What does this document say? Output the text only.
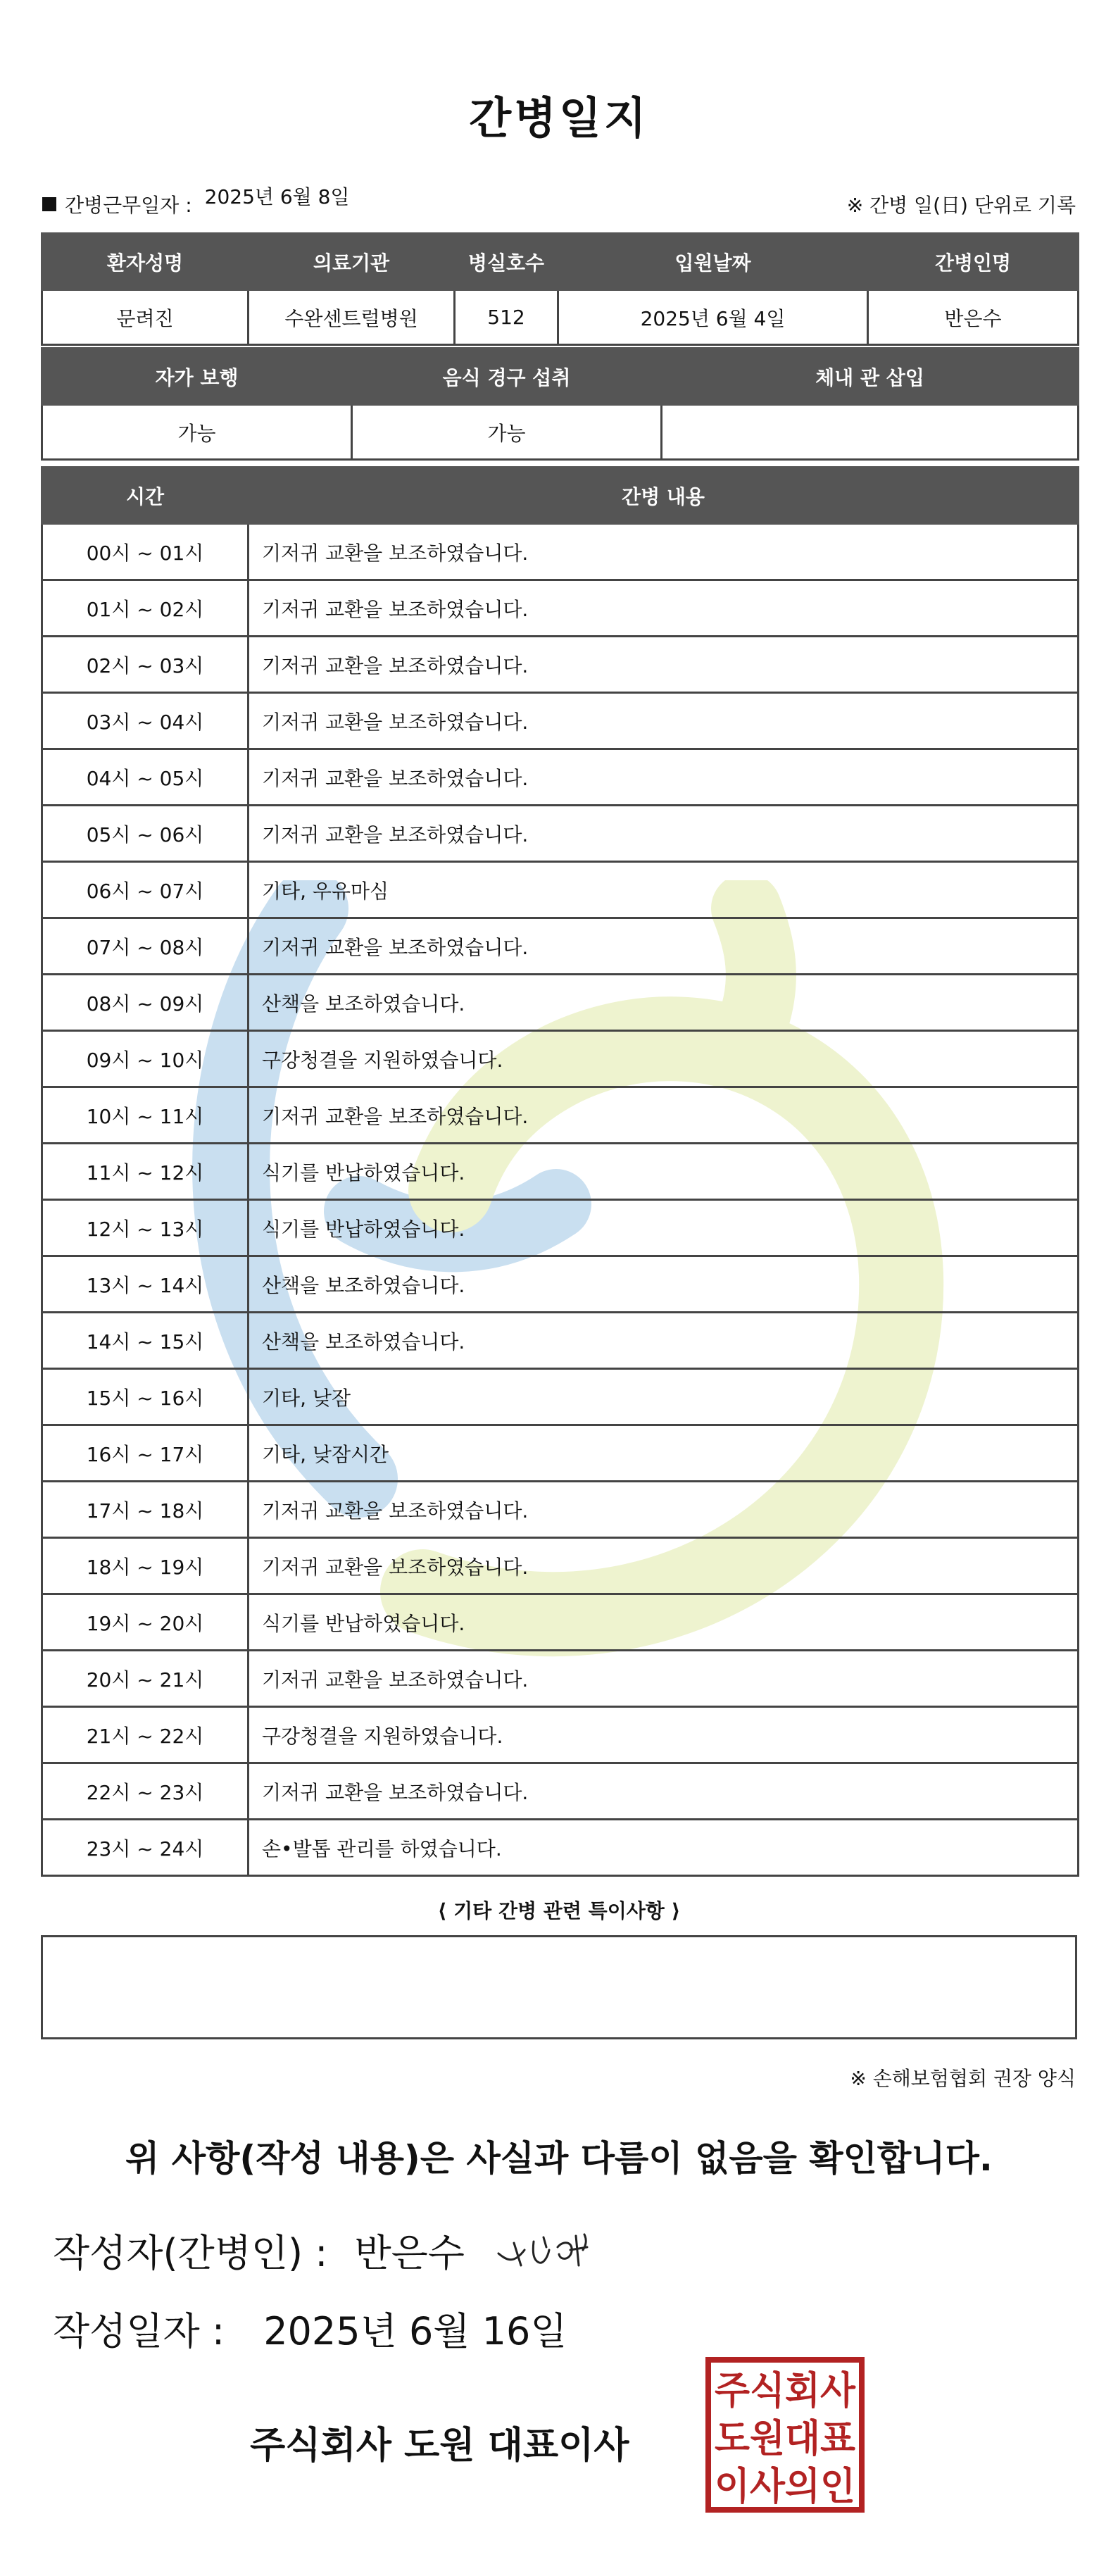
간병일지
간병근무일자 : 2025년 6월 8일	※ 간병 일(日) 단위로 기록
환자성명	의료기관	병실호수	입원날짜	간병인명
문려진	수완센트럴병원	512	2025년 6월 4일	반은수
자가 보행	음식 경구 섭취	체내 관 삽입
가능	가능	
시간	간병 내용
00시 ~ 01시	기저귀 교환을 보조하였습니다.
01시 ~ 02시	기저귀 교환을 보조하였습니다.
02시 ~ 03시	기저귀 교환을 보조하였습니다.
03시 ~ 04시	기저귀 교환을 보조하였습니다.
04시 ~ 05시	기저귀 교환을 보조하였습니다.
05시 ~ 06시	기저귀 교환을 보조하였습니다.
06시 ~ 07시	기타, 우유마심
07시 ~ 08시	기저귀 교환을 보조하였습니다.
08시 ~ 09시	산책을 보조하였습니다.
09시 ~ 10시	구강청결을 지원하였습니다.
10시 ~ 11시	기저귀 교환을 보조하였습니다.
11시 ~ 12시	식기를 반납하였습니다.
12시 ~ 13시	식기를 반납하였습니다.
13시 ~ 14시	산책을 보조하였습니다.
14시 ~ 15시	산책을 보조하였습니다.
15시 ~ 16시	기타, 낮잠
16시 ~ 17시	기타, 낮잠시간
17시 ~ 18시	기저귀 교환을 보조하였습니다.
18시 ~ 19시	기저귀 교환을 보조하였습니다.
19시 ~ 20시	식기를 반납하였습니다.
20시 ~ 21시	기저귀 교환을 보조하였습니다.
21시 ~ 22시	구강청결을 지원하였습니다.
22시 ~ 23시	기저귀 교환을 보조하였습니다.
23시 ~ 24시	손•발톱 관리를 하였습니다.
⟨ 기타 간병 관련 특이사항 ⟩
※ 손해보험협회 권장 양식
위 사항(작성 내용)은 사실과 다름이 없음을 확인합니다.
작성자(간병인) : 반은수
작성일자 : 2025년 6월 16일
주식회사 도원 대표이사
주식회사
도원대표
이사의인
